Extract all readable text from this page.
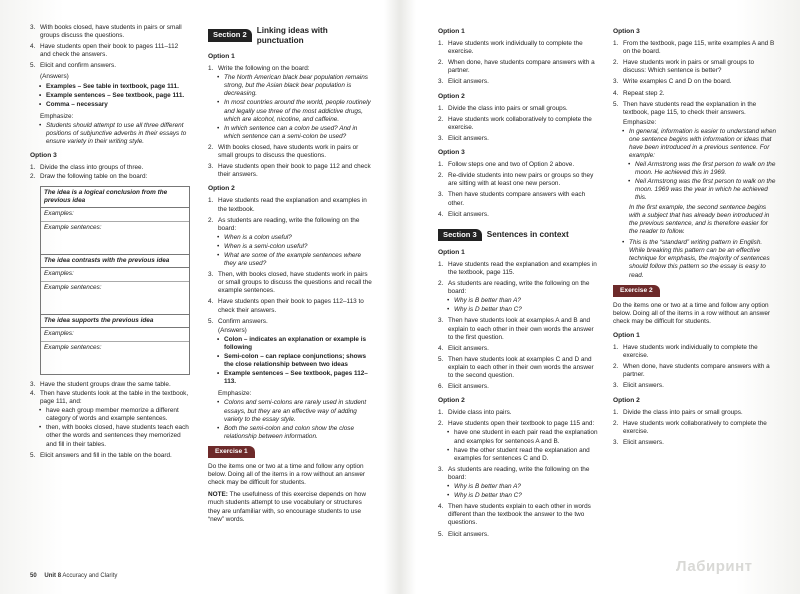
3. With books closed, have students in pairs or small groups discuss the questions.
4. Have students open their book to pages 111–112 and check the answers.
5. Elicit and confirm answers.
(Answers)
• Examples – See table in textbook, page 111.
• Example sentences – See textbook, page 111.
• Comma – necessary
Emphasize:
• Students should attempt to use all three different positions of subjunctive adverbs in their essays to ensure variety in their writing style.
Option 3
1. Divide the class into groups of three.
2. Draw the following table on the board:
The idea is a logical conclusion from the previous idea
Examples:
Example sentences:
The idea contrasts with the previous idea
Examples:
Example sentences:
The idea supports the previous idea
Examples:
Example sentences:
3. Have the student groups draw the same table.
4. Then have students look at the table in the textbook, page 111, and:
• have each group member memorize a different category of words and example sentences.
• then, with books closed, have students teach each other the words and sentences they memorized and fill in their tables.
5. Elicit answers and fill in the table on the board.
Section 2	Linking ideas with
punctuation
Option 1
1. Write the following on the board:
• The North American black bear population remains strong, but the Asian black bear population is decreasing.
• In most countries around the world, people routinely and legally use three of the most addictive drugs, which are alcohol, nicotine, and caffeine.
• In which sentence can a colon be used? And in which sentence can a semi-colon be used?
2. With books closed, have students work in pairs or small groups to discuss the questions.
3. Have students open their book to page 112 and check their answers.
Option 2
1. Have students read the explanation and examples in the textbook.
2. As students are reading, write the following on the board:
• When is a colon useful?
• When is a semi-colon useful?
• What are some of the example sentences where they are used?
3. Then, with books closed, have students work in pairs or small groups to discuss the questions and recall the example sentences.
4. Have students open their book to pages 112–113 to check their answers.
5. Confirm answers.
(Answers)
• Colon – indicates an explanation or example is following
• Semi-colon – can replace conjunctions; shows the close relationship between two ideas
• Example sentences – See textbook, pages 112–113.
Emphasize:
• Colons and semi-colons are rarely used in student essays, but they are an effective way of adding variety to the essay style.
• Both the semi-colon and colon show the close relationship between information.
Exercise 1
Do the items one or two at a time and follow any option below. Doing all of the items in a row without an answer check may be difficult for students.
NOTE: The usefulness of this exercise depends on how much students attempt to use vocabulary or structures they are unfamiliar with, so encourage students to use “new” words.
Option 1
1. Have students work individually to complete the exercise.
2. When done, have students compare answers with a partner.
3. Elicit answers.
Option 2
1. Divide the class into pairs or small groups.
2. Have students work collaboratively to complete the exercise.
3. Elicit answers.
Option 3
1. Follow steps one and two of Option 2 above.
2. Re-divide students into new pairs or groups so they are sitting with at least one new person.
3. Then have students compare answers with each other.
4. Elicit answers.
Section 3	Sentences in context
Option 1
1. Have students read the explanation and examples in the textbook, page 115.
2. As students are reading, write the following on the board:
• Why is B better than A?
• Why is D better than C?
3. Then have students look at examples A and B and explain to each other in their own words the answer to the first question.
4. Elicit answers.
5. Then have students look at examples C and D and explain to each other in their own words the answer to the second question.
6. Elicit answers.
Option 2
1. Divide class into pairs.
2. Have students open their textbook to page 115 and:
• have one student in each pair read the explanation and examples for sentences A and B.
• have the other student read the explanation and examples for sentences C and D.
3. As students are reading, write the following on the board:
• Why is B better than A?
• Why is D better than C?
4. Then have students explain to each other in words different than the textbook the answer to the two questions.
5. Elicit answers.
Option 3
1. From the textbook, page 115, write examples A and B on the board.
2. Have students work in pairs or small groups to discuss: Which sentence is better?
3. Write examples C and D on the board.
4. Repeat step 2.
5. Then have students read the explanation in the textbook, page 115, to check their answers.
Emphasize:
• In general, information is easier to understand when one sentence begins with information or ideas that have been introduced in a previous sentence. For example:
• Neil Armstrong was the first person to walk on the moon. He achieved this in 1969.
• Neil Armstrong was the first person to walk on the moon. 1969 was the year in which he achieved this.
In the first example, the second sentence begins with a subject that has already been introduced in the previous sentence, and is therefore easier for the reader to follow.
• This is the “standard” writing pattern in English. While breaking this pattern can be an effective technique for emphasis, the majority of sentences should follow this pattern so the essay is easy to read.
Exercise 2
Do the items one or two at a time and follow any option below. Doing all of the items in a row without an answer check may be difficult for students.
Option 1
1. Have students work individually to complete the exercise.
2. When done, have students compare answers with a partner.
3. Elicit answers.
Option 2
1. Divide the class into pairs or small groups.
2. Have students work collaboratively to complete the exercise.
3. Elicit answers.
50 Unit 8 Accuracy and Clarity
Лабиринт
